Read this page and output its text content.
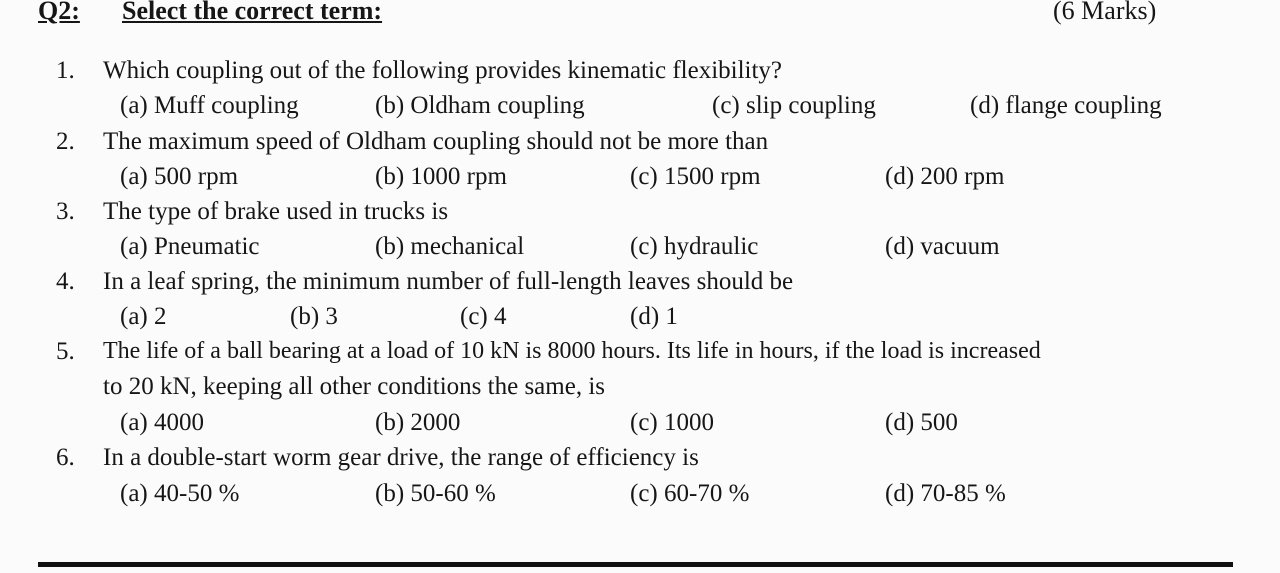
Q2: Select the correct term:	(6 Marks)
1. Which coupling out of the following provides kinematic flexibility?
(a) Muff coupling	(b) Oldham coupling	(c) slip coupling	(d) flange coupling
2. The maximum speed of Oldham coupling should not be more than
(a) 500 rpm	(b) 1000 rpm	(c) 1500 rpm	(d) 200 rpm
3. The type of brake used in trucks is
(a) Pneumatic	(b) mechanical	(c) hydraulic	(d) vacuum
4. In a leaf spring, the minimum number of full-length leaves should be
(a) 2	(b) 3	(c) 4	(d) 1
5. The life of a ball bearing at a load of 10 kN is 8000 hours. Its life in hours, if the load is increased
to 20 kN, keeping all other conditions the same, is
(a) 4000	(b) 2000	(c) 1000	(d) 500
6. In a double-start worm gear drive, the range of efficiency is
(a) 40-50 %	(b) 50-60 %	(c) 60-70 %	(d) 70-85 %
